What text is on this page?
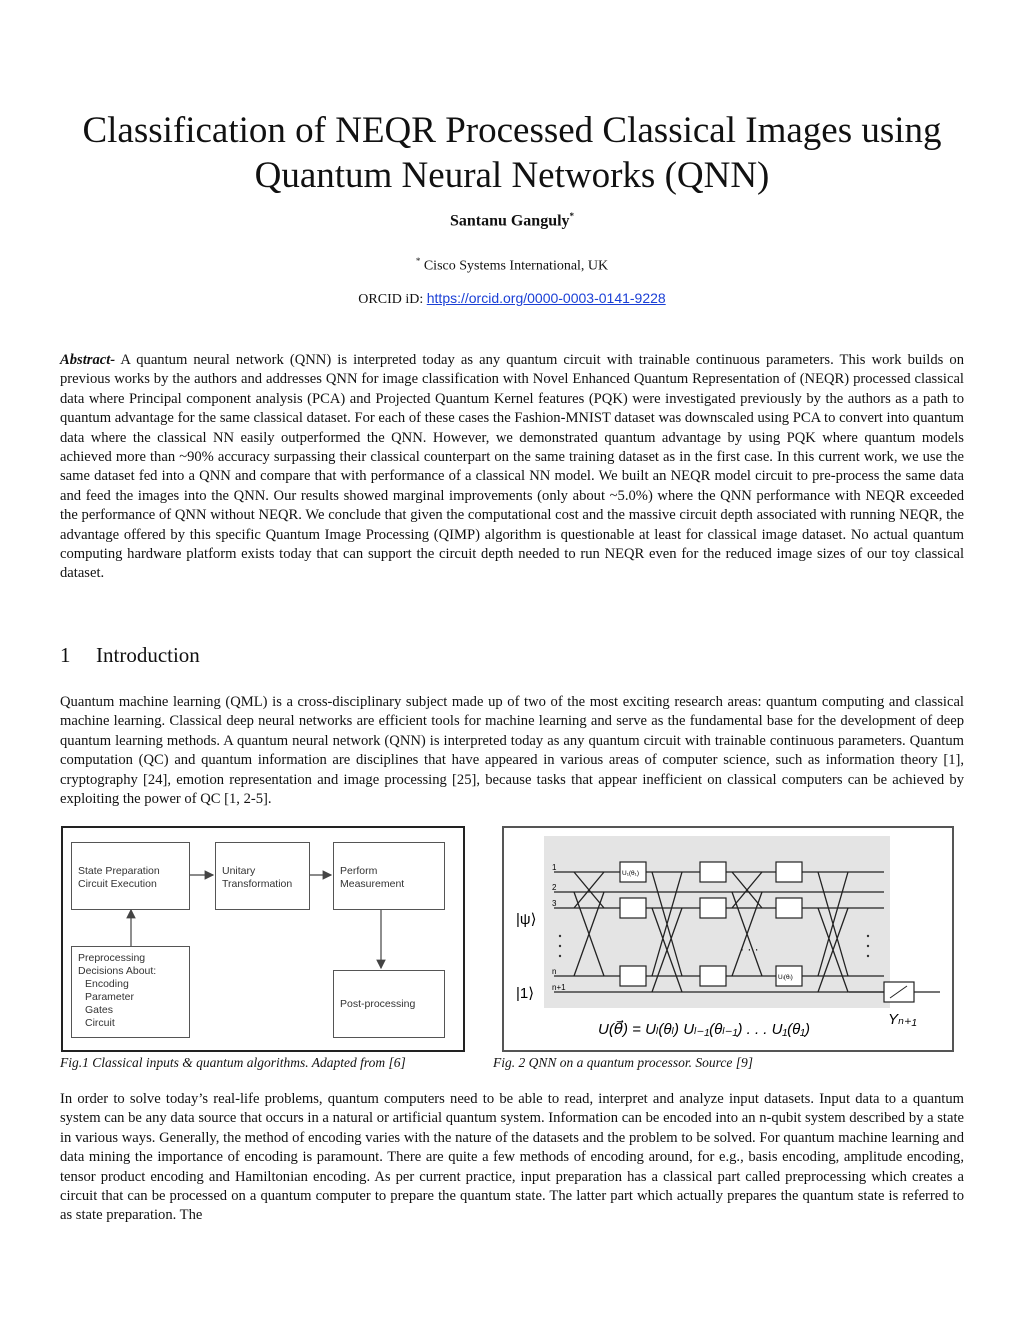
Classification of NEQR Processed Classical Images using
Quantum Neural Networks (QNN)
Santanu Ganguly*
* Cisco Systems International, UK
ORCID iD: https://orcid.org/0000-0003-0141-9228

Abstract- A quantum neural network (QNN) is interpreted today as any quantum circuit with trainable continuous parameters. This work builds on previous works by the authors and addresses QNN for image classification with Novel Enhanced Quantum Representation of (NEQR) processed classical data where Principal component analysis (PCA) and Projected Quantum Kernel features (PQK) were investigated previously by the authors as a path to quantum advantage for the same classical dataset. For each of these cases the Fashion-MNIST dataset was downscaled using PCA to convert into quantum data where the classical NN easily outperformed the QNN. However, we demonstrated quantum advantage by using PQK where quantum models achieved more than ~90% accuracy surpassing their classical counterpart on the same training dataset as in the first case. In this current work, we use the same dataset fed into a QNN and compare that with performance of a classical NN model. We built an NEQR model circuit to pre-process the same data and feed the images into the QNN. Our results showed marginal improvements (only about ~5.0%) where the QNN performance with NEQR exceeded the performance of QNN without NEQR. We conclude that given the computational cost and the massive circuit depth associated with running NEQR, the advantage offered by this specific Quantum Image Processing (QIMP) algorithm is questionable at least for classical image dataset. No actual quantum computing hardware platform exists today that can support the circuit depth needed to run NEQR even for the reduced image sizes of our toy classical dataset.

1 Introduction

Quantum machine learning (QML) is a cross-disciplinary subject made up of two of the most exciting research areas: quantum computing and classical machine learning. Classical deep neural networks are efficient tools for machine learning and serve as the fundamental base for the development of deep quantum learning methods. A quantum neural network (QNN) is interpreted today as any quantum circuit with trainable continuous parameters. Quantum computation (QC) and quantum information are disciplines that have appeared in various areas of computer science, such as information theory [1], cryptography [24], emotion representation and image processing [25], because tasks that appear inefficient on classical computers can be achieved by exploiting the power of QC [1, 2-5].

State Preparation
Circuit Execution
Unitary
Transformation
Perform
Measurement
Preprocessing
Decisions About:
Encoding
Parameter
Gates
Circuit
Post-processing
1
2
3
n
n+1
|ψ⟩
|1⟩
U₁(θ₁)
Uₗ(θₗ)
· · ·
Yₙ₊₁
U(θ⃗) = Uₗ(θₗ) Uₗ₋₁(θₗ₋₁) . . . U₁(θ₁)
Fig.1 Classical inputs & quantum algorithms. Adapted from [6]	Fig. 2 QNN on a quantum processor. Source [9]

In order to solve today’s real-life problems, quantum computers need to be able to read, interpret and analyze input datasets. Input data to a quantum system can be any data source that occurs in a natural or artificial quantum system. Information can be encoded into an n-qubit system described by a state in various ways. Generally, the method of encoding varies with the nature of the datasets and the problem to be solved. For quantum machine learning and data mining the importance of encoding is paramount. There are quite a few methods of encoding around, for e.g., basis encoding, amplitude encoding, tensor product encoding and Hamiltonian encoding. As per current practice, input preparation has a classical part called preprocessing which creates a circuit that can be processed on a quantum computer to prepare the quantum state. The latter part which actually prepares the quantum state is referred to as state preparation. The
